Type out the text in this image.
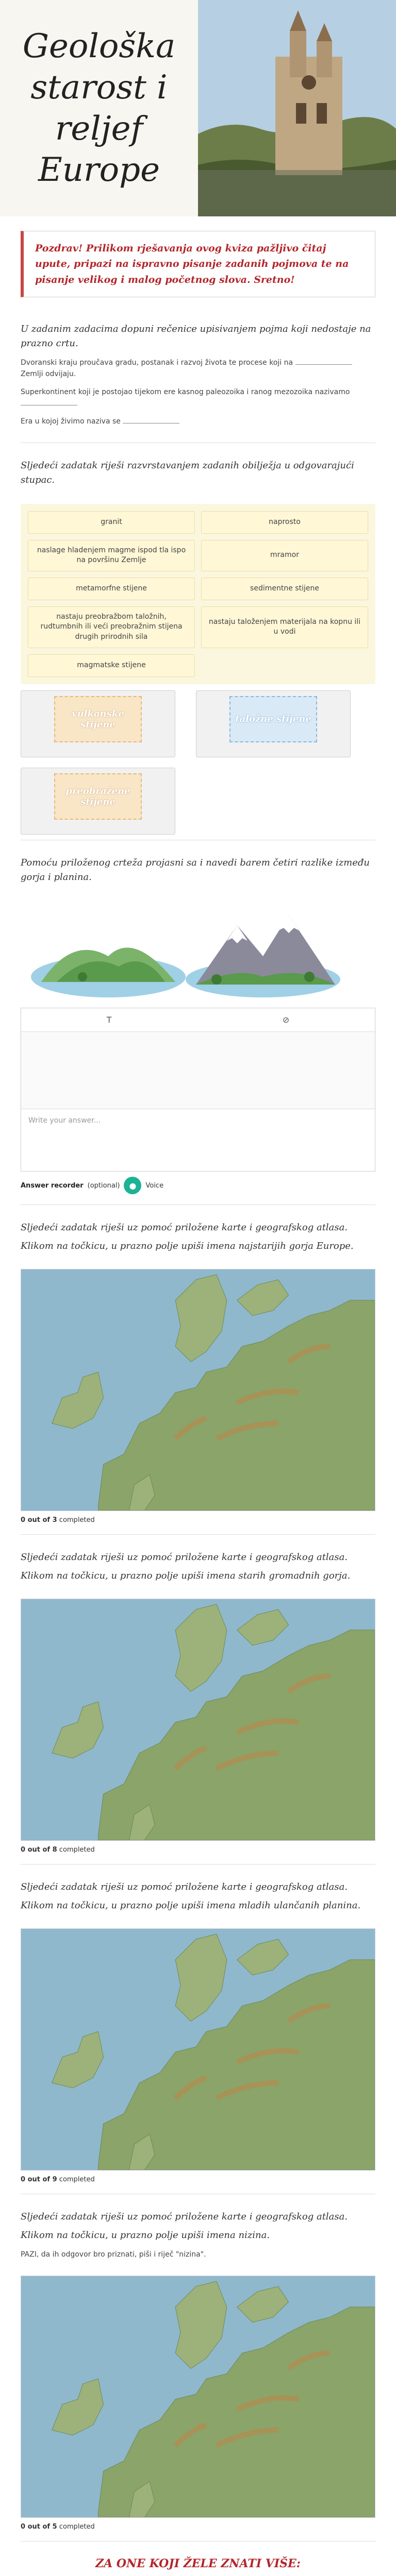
Geološka starost i reljef Europe

Pozdrav! Prilikom rješavanja ovog kviza pažljivo čitaj upute, pripazi na ispravno pisanje zadanih pojmova te na pisanje velikog i malog početnog slova. Sretno!

U zadanim zadacima dopuni rečenice upisivanjem pojma koji nedostaje na prazno crtu.

Dvoranski kraju proučava gradu, postanak i razvoj života te procese koji na  Zemlji odvijaju.

Superkontinent koji je postojao tijekom ere kasnog paleozoika i ranog mezozoika nazivamo

Era u kojoj živimo naziva se

Sljedeći zadatak riješi razvrstavanjem zadanih obilježja u odgovarajući stupac.

granit	naprosto
naslage hladenjem magme ispod tla ispo na površinu Zemlje
mramor
metamorfne stijene	sedimentne stijene
nastaju preobražbom taložnih, rudtumbnih ili veći preobražnim stijena drugih prirodnih sila
nastaju taloženjem materijala na kopnu ili u vodi
magmatske stijene
vulkanske stijene	taložne stijene
preobražene stijene

Pomoću priloženog crteža projasni sa i navedi barem četiri razlike između gorja i planina.

T	⊘
Write your answer...
Answer recorder (optional)	●	Voice

Sljedeći zadatak riješi uz pomoć priložene karte i geografskog atlasa.

Klikom na točkicu, u prazno polje upiši imena najstarijih gorja Europe.

0 out of 3 completed

Sljedeći zadatak riješi uz pomoć priložene karte i geografskog atlasa.

Klikom na točkicu, u prazno polje upiši imena starih gromadnih gorja.

0 out of 8 completed

Sljedeći zadatak riješi uz pomoć priložene karte i geografskog atlasa.

Klikom na točkicu, u prazno polje upiši imena mladih ulančanih planina.

0 out of 9 completed

Sljedeći zadatak riješi uz pomoć priložene karte i geografskog atlasa.

Klikom na točkicu, u prazno polje upiši imena nizina.

PAZI, da ih odgovor bro priznati, piši i riječ "nizina".

0 out of 5 completed

ZA ONE KOJI ŽELE ZNATI VIŠE:
